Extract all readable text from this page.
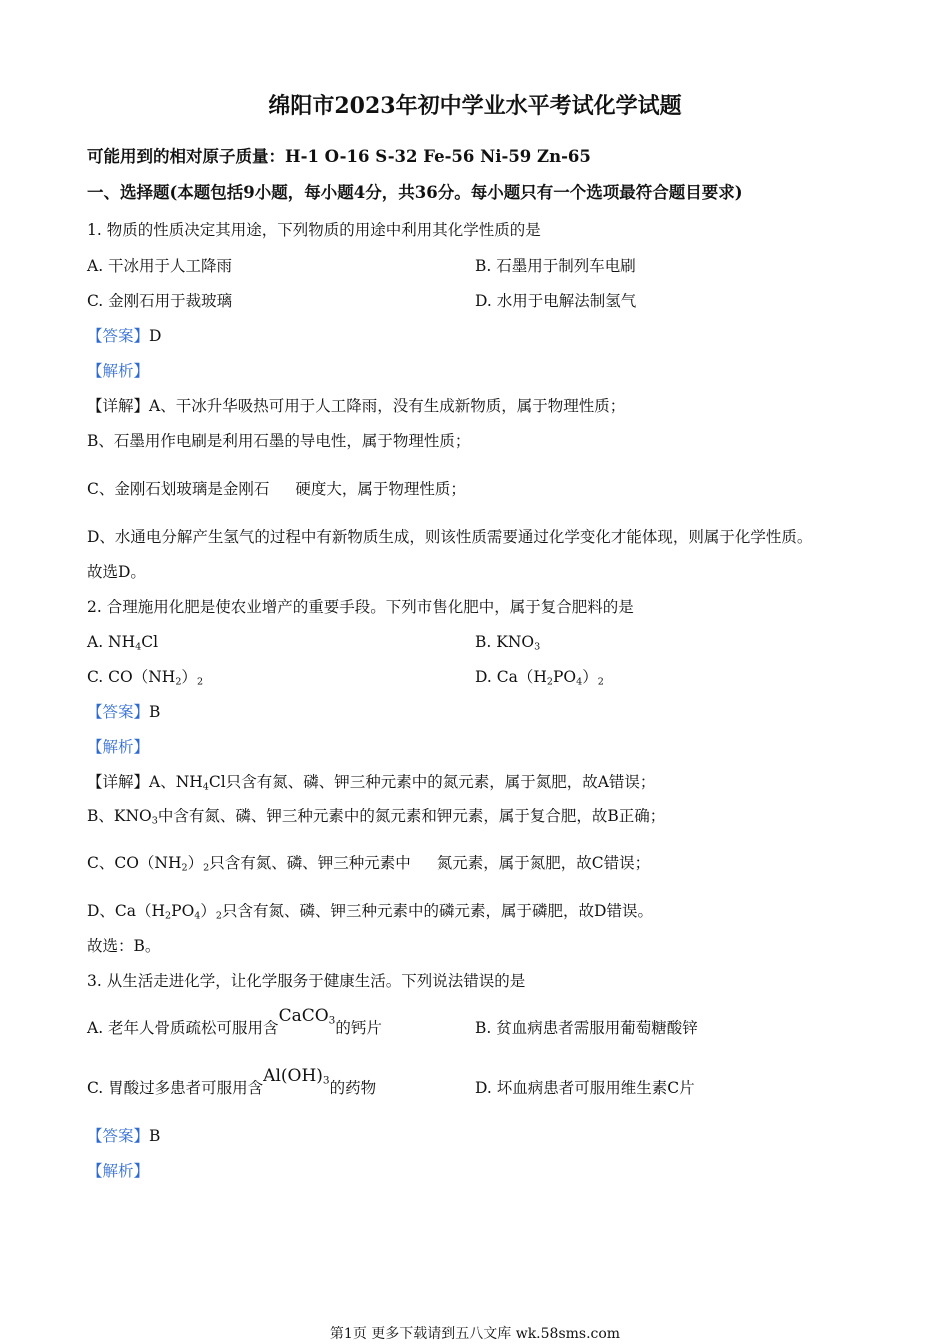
绵阳市2023年初中学业水平考试化学试题
可能用到的相对原子质量：H-1 O-16 S-32 Fe-56 Ni-59 Zn-65
一、选择题(本题包括9小题，每小题4分，共36分。每小题只有一个选项最符合题目要求)
1. 物质的性质决定其用途，下列物质的用途中利用其化学性质的是
A. 干冰用于人工降雨	B. 石墨用于制列车电刷
C. 金刚石用于裁玻璃	D. 水用于电解法制氢气
【答案】D
【解析】
【详解】A、干冰升华吸热可用于人工降雨，没有生成新物质，属于物理性质；
B、石墨用作电刷是利用石墨的导电性，属于物理性质；
C、金刚石划玻璃是金刚石 硬度大，属于物理性质；
D、水通电分解产生氢气的过程中有新物质生成，则该性质需要通过化学变化才能体现，则属于化学性质。
故选D。
2. 合理施用化肥是使农业增产的重要手段。下列市售化肥中，属于复合肥料的是
A. $NH_4Cl$	B. $KNO_3$
C. $CO(NH_2)_2$	D. $Ca(H_2PO_4)_2$
【答案】B
【解析】
【详解】A、$NH_4Cl$只含有氮、磷、钾三种元素中的氮元素，属于氮肥，故A错误；
B、$KNO_3$中含有氮、磷、钾三种元素中的氮元素和钾元素，属于复合肥，故B正确；
C、$CO(NH_2)_2$只含有氮、磷、钾三种元素中 氮元素，属于氮肥，故C错误；
D、$Ca(H_2PO_4)_2$只含有氮、磷、钾三种元素中的磷元素，属于磷肥，故D错误。
故选：B。
3. 从生活走进化学，让化学服务于健康生活。下列说法错误的是
A. 老年人骨质疏松可服用含CaCO$_3$的钙片	B. 贫血病患者需服用葡萄糖酸锌
C. 胃酸过多患者可服用含$Al(OH)_3$的药物	D. 坏血病患者可服用维生素C片
【答案】B
【解析】
第1页 更多下载请到五八文库 wk.58sms.com
